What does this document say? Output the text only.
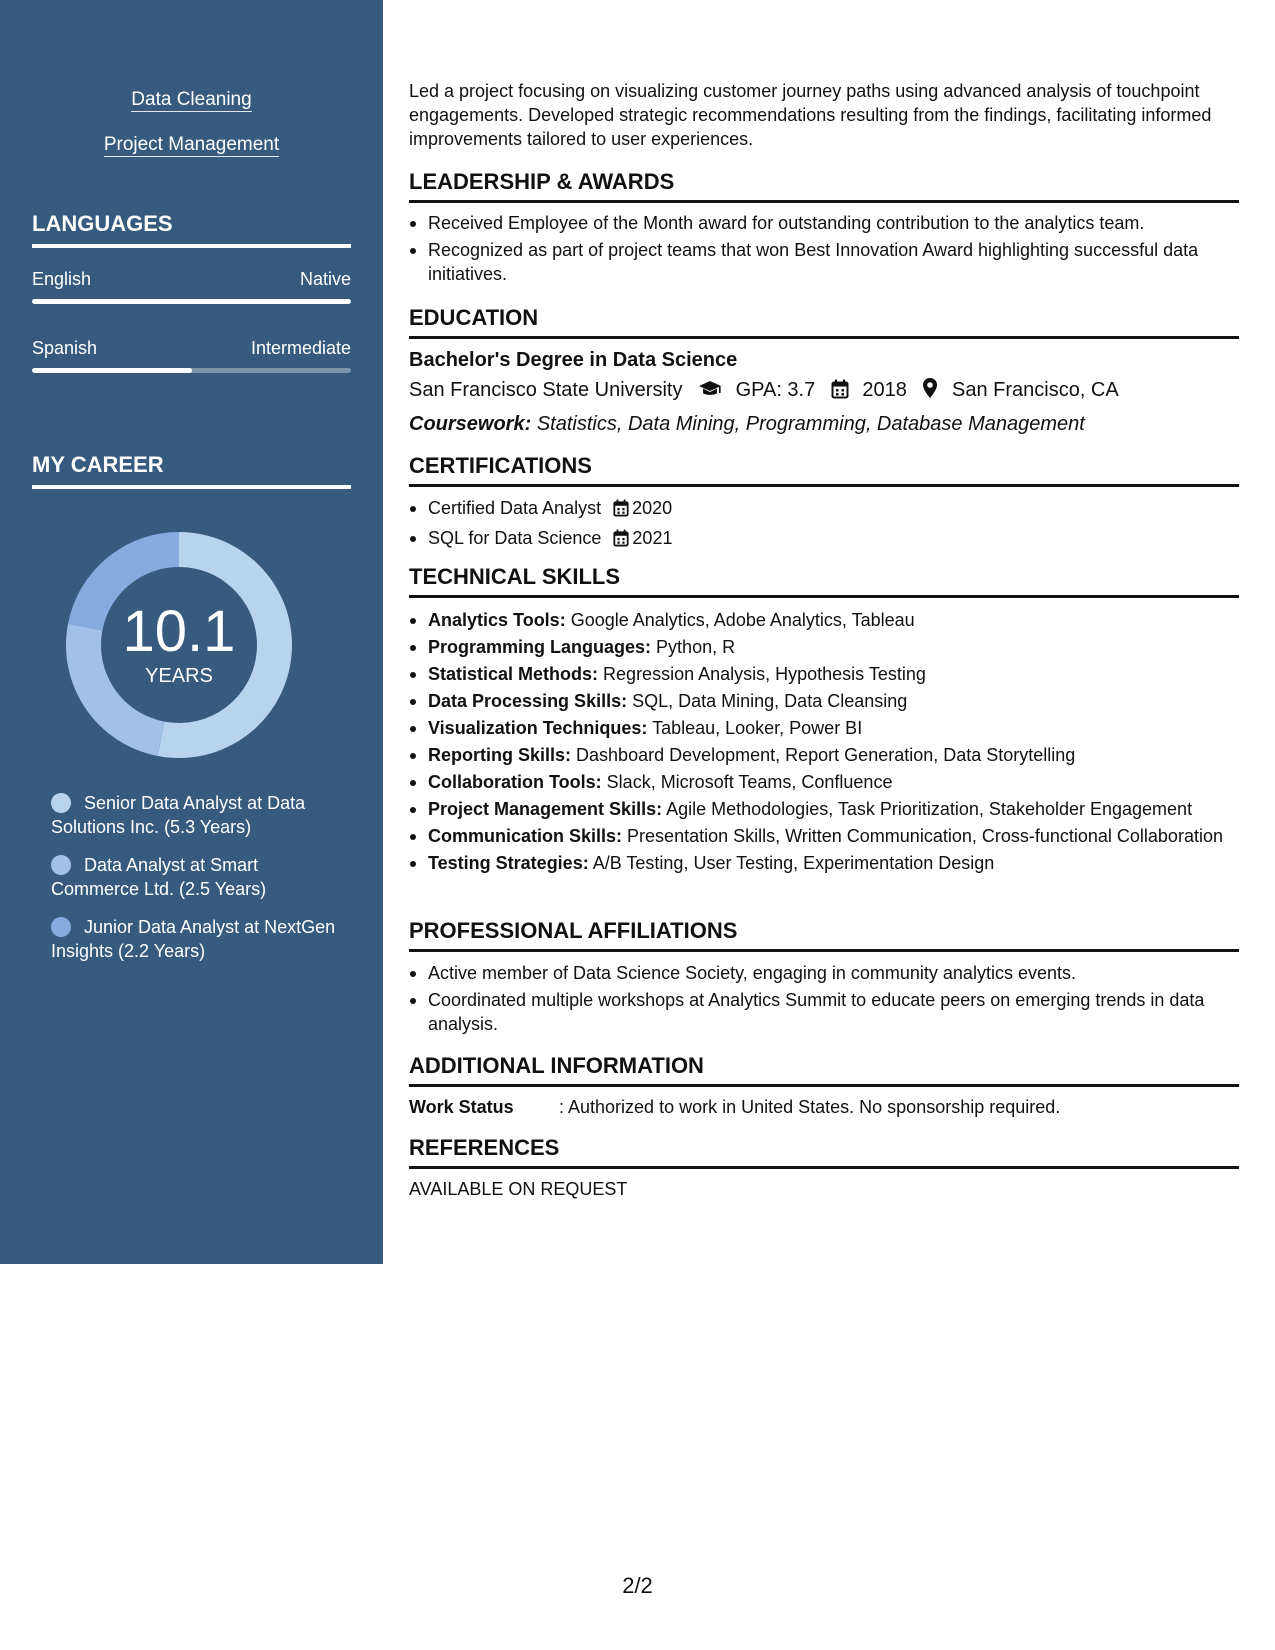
Data Cleaning
Project Management
LANGUAGES
English	Native
Spanish	Intermediate
MY CAREER
10.1
YEARS
Senior Data Analyst at Data Solutions Inc. (5.3 Years)
Data Analyst at Smart Commerce Ltd. (2.5 Years)
Junior Data Analyst at NextGen Insights (2.2 Years)
Led a project focusing on visualizing customer journey paths using advanced analysis of touchpoint engagements. Developed strategic recommendations resulting from the findings, facilitating informed improvements tailored to user experiences.
LEADERSHIP & AWARDS
Received Employee of the Month award for outstanding contribution to the analytics team.
Recognized as part of project teams that won Best Innovation Award highlighting successful data initiatives.
EDUCATION
Bachelor's Degree in Data Science
San Francisco State University	GPA: 3.7 2018 San Francisco, CA
Coursework: Statistics, Data Mining, Programming, Database Management
CERTIFICATIONS
Certified Data Analyst 2020
SQL for Data Science 2021
TECHNICAL SKILLS
Analytics Tools: Google Analytics, Adobe Analytics, Tableau
Programming Languages: Python, R
Statistical Methods: Regression Analysis, Hypothesis Testing
Data Processing Skills: SQL, Data Mining, Data Cleansing
Visualization Techniques: Tableau, Looker, Power BI
Reporting Skills: Dashboard Development, Report Generation, Data Storytelling
Collaboration Tools: Slack, Microsoft Teams, Confluence
Project Management Skills: Agile Methodologies, Task Prioritization, Stakeholder Engagement
Communication Skills: Presentation Skills, Written Communication, Cross-functional Collaboration
Testing Strategies: A/B Testing, User Testing, Experimentation Design
PROFESSIONAL AFFILIATIONS
Active member of Data Science Society, engaging in community analytics events.
Coordinated multiple workshops at Analytics Summit to educate peers on emerging trends in data analysis.
ADDITIONAL INFORMATION
Work Status	: Authorized to work in United States. No sponsorship required.
REFERENCES
AVAILABLE ON REQUEST
2/2
